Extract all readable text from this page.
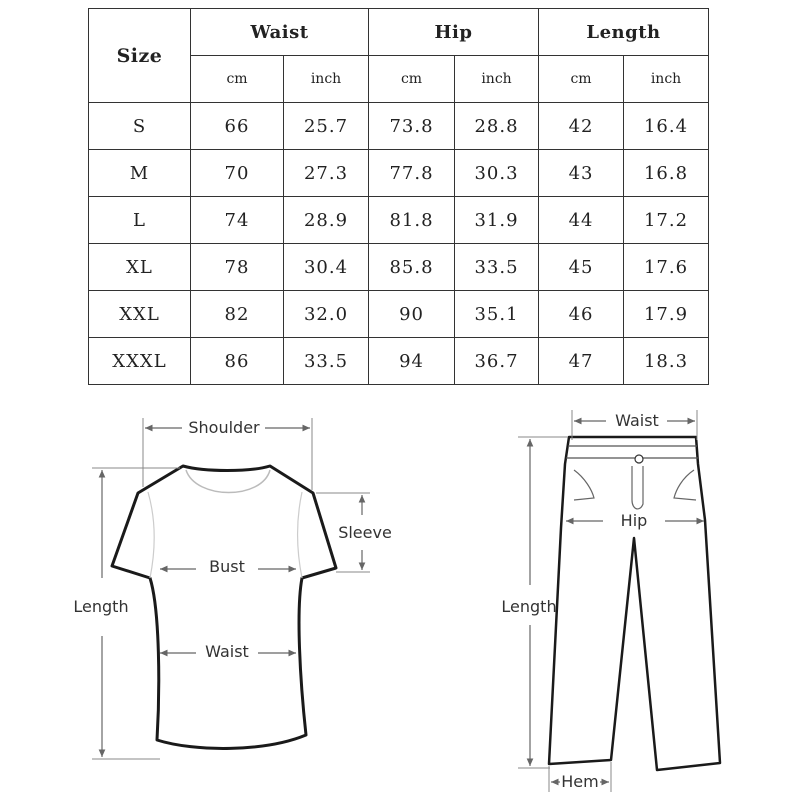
Size	Waist		Hip		Length	
	cm	inch	cm	inch	cm	inch
S	66	25.7	73.8	28.8	42	16.4
M	70	27.3	77.8	30.3	43	16.8
L	74	28.9	81.8	31.9	44	17.2
XL	78	30.4	85.8	33.5	45	17.6
XXL	82	32.0	90	35.1	46	17.9
XXXL	86	33.5	94	36.7	47	18.3
Shoulder
Sleeve
Bust
Waist
Length
Waist
Hip
Length
Hem
